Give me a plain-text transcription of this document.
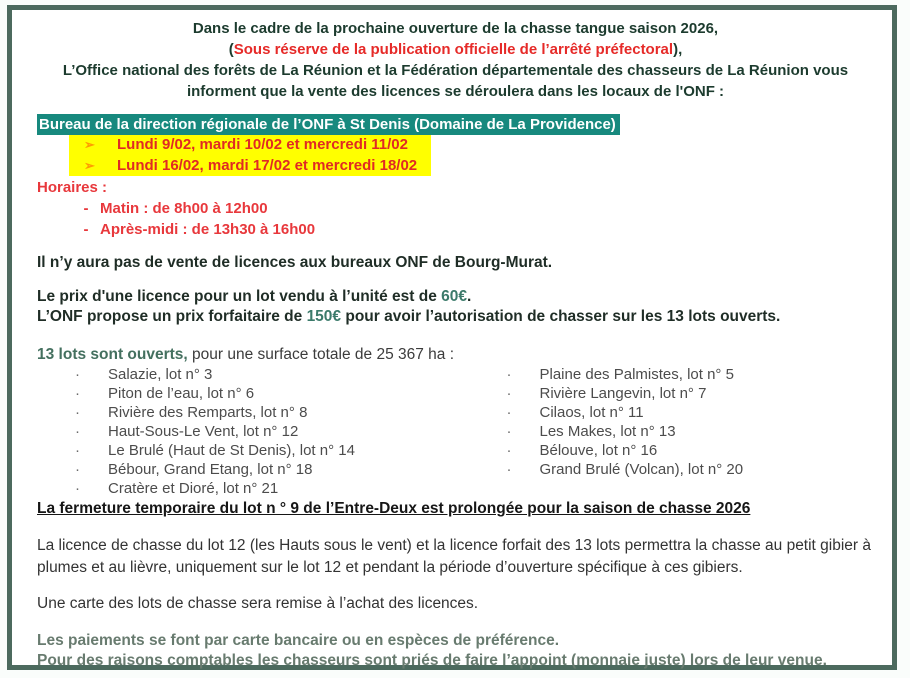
Dans le cadre de la prochaine ouverture de la chasse tangue saison 2026,
(Sous réserve de la publication officielle de l’arrêté préfectoral),
L’Office national des forêts de La Réunion et la Fédération départementale des chasseurs de La Réunion vous
informent que la vente des licences se déroulera dans les locaux de l'ONF :
Bureau de la direction régionale de l’ONF à St Denis (Domaine de La Providence)
➢	Lundi 9/02, mardi 10/02 et mercredi 11/02
➢	Lundi 16/02, mardi 17/02 et mercredi 18/02
Horaires :
- Matin : de 8h00 à 12h00
- Après-midi : de 13h30 à 16h00
Il n’y aura pas de vente de licences aux bureaux ONF de Bourg-Murat.
Le prix d'une licence pour un lot vendu à l’unité est de 60€.
L’ONF propose un prix forfaitaire de 150€ pour avoir l’autorisation de chasser sur les 13 lots ouverts.
13 lots sont ouverts, pour une surface totale de 25 367 ha :
·	Salazie, lot n° 3
·	Piton de l’eau, lot n° 6
·	Rivière des Remparts, lot n° 8
·	Haut-Sous-Le Vent, lot n° 12
·	Le Brulé (Haut de St Denis), lot n° 14
·	Bébour, Grand Etang, lot n° 18
·	Cratère et Dioré, lot n° 21
·	Plaine des Palmistes, lot n° 5
·	Rivière Langevin, lot n° 7
·	Cilaos, lot n° 11
·	Les Makes, lot n° 13
·	Bélouve, lot n° 16
·	Grand Brulé (Volcan), lot n° 20
La fermeture temporaire du lot n ° 9 de l’Entre-Deux est prolongée pour la saison de chasse 2026
La licence de chasse du lot 12 (les Hauts sous le vent) et la licence forfait des 13 lots permettra la chasse au petit gibier à plumes et au lièvre, uniquement sur le lot 12 et pendant la période d’ouverture spécifique à ces gibiers.
Une carte des lots de chasse sera remise à l’achat des licences.
Les paiements se font par carte bancaire ou en espèces de préférence.
Pour des raisons comptables les chasseurs sont priés de faire l’appoint (monnaie juste) lors de leur venue.
